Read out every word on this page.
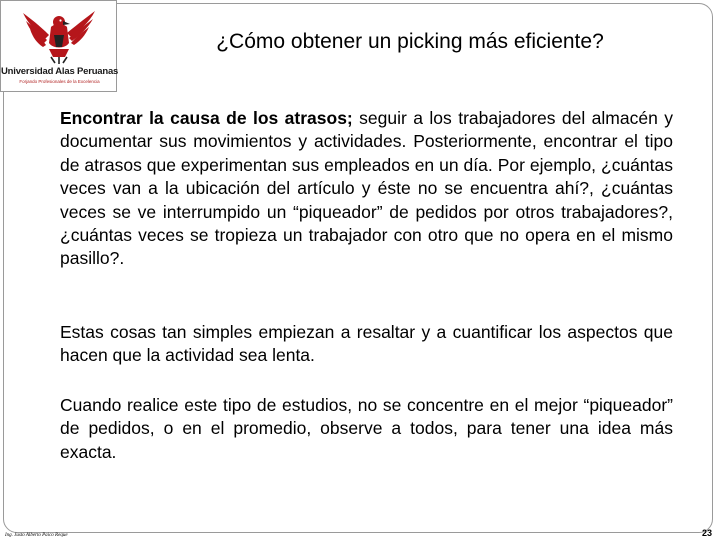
Universidad Alas Peruanas
Forjando Profesionales de la Excelencia
¿Cómo obtener un picking más eficiente?

Encontrar la causa de los atrasos; seguir a los trabajadores del almacén y documentar sus movimientos y actividades. Posteriormente, encontrar el tipo de atrasos que experimentan sus empleados en un día. Por ejemplo, ¿cuántas veces van a la ubicación del artículo y éste no se encuentra ahí?, ¿cuántas veces se ve interrumpido un “piqueador” de pedidos por otros trabajadores?, ¿cuántas veces se tropieza un trabajador con otro que no opera en el mismo pasillo?.

Estas cosas tan simples empiezan a resaltar y a cuantificar los aspectos que hacen que la actividad sea lenta.

Cuando realice este tipo de estudios, no se concentre en el mejor “piqueador” de pedidos, o en el promedio, observe a todos, para tener una idea más exacta.

Ing. Justo Alberto Paico Reque	23
